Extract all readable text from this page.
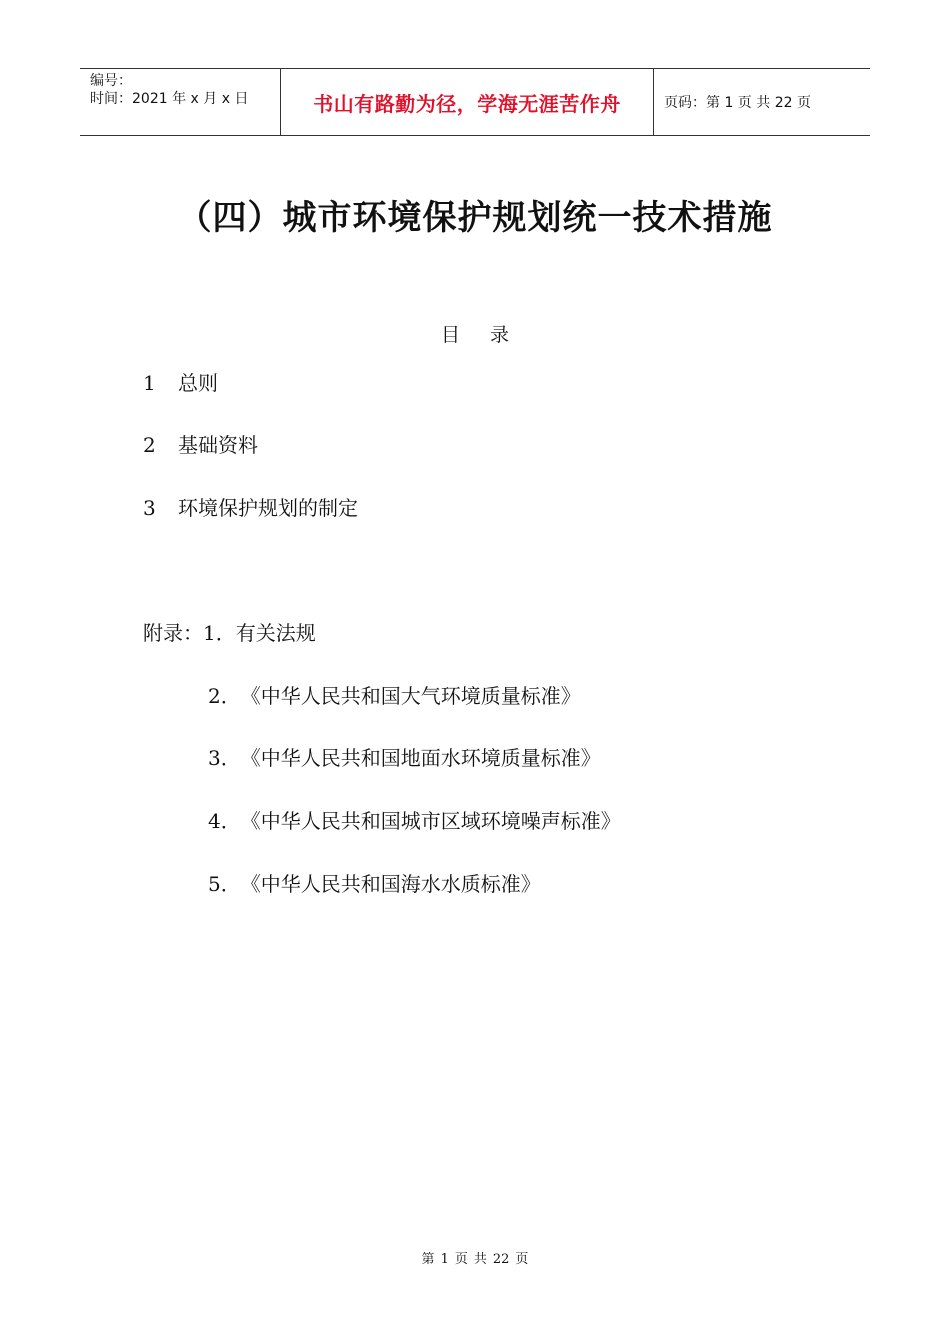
编号：
时间：2021 年 x 月 x 日	书山有路勤为径，学海无涯苦作舟	页码：第 1 页 共 22 页
（四）城市环境保护规划统一技术措施
目录
1 总则
2 基础资料
3 环境保护规划的制定
附录：1．有关法规
2．《中华人民共和国大气环境质量标准》
3．《中华人民共和国地面水环境质量标准》
4．《中华人民共和国城市区域环境噪声标准》
5．《中华人民共和国海水水质标准》
第 1 页 共 22 页
